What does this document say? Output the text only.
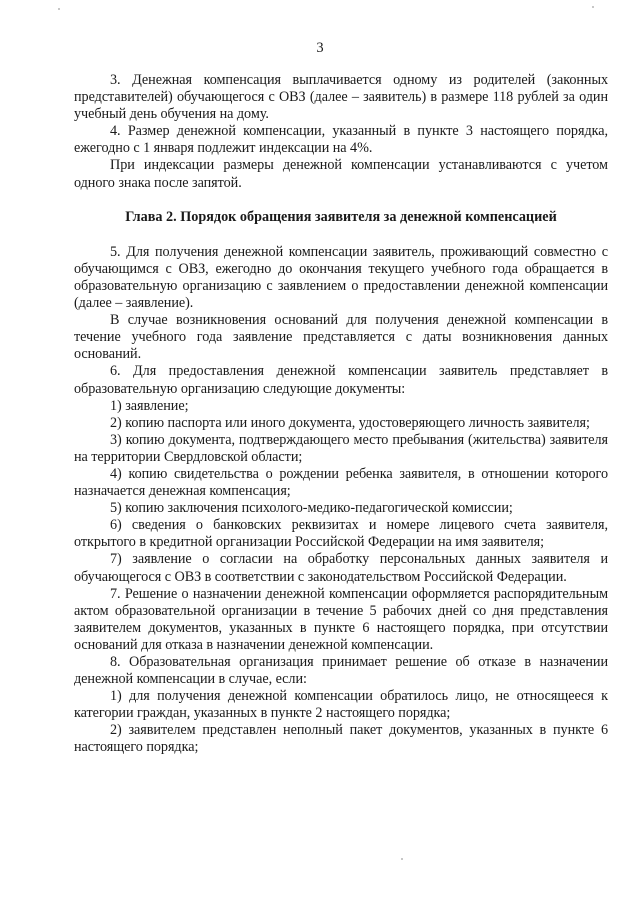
3

3. Денежная компенсация выплачивается одному из родителей (законных представителей) обучающегося с ОВЗ (далее – заявитель) в размере 118 рублей за один учебный день обучения на дому.

4. Размер денежной компенсации, указанный в пункте 3 настоящего порядка, ежегодно с 1 января подлежит индексации на 4%.

При индексации размеры денежной компенсации устанавливаются с учетом одного знака после запятой.

Глава 2. Порядок обращения заявителя за денежной компенсацией

5. Для получения денежной компенсации заявитель, проживающий совместно с обучающимся с ОВЗ, ежегодно до окончания текущего учебного года обращается в образовательную организацию с заявлением о предоставлении денежной компенсации (далее – заявление).

В случае возникновения оснований для получения денежной компенсации в течение учебного года заявление представляется с даты возникновения данных оснований.

6. Для предоставления денежной компенсации заявитель представляет в образовательную организацию следующие документы:

1) заявление;

2) копию паспорта или иного документа, удостоверяющего личность заявителя;

3) копию документа, подтверждающего место пребывания (жительства) заявителя на территории Свердловской области;

4) копию свидетельства о рождении ребенка заявителя, в отношении которого назначается денежная компенсация;

5) копию заключения психолого-медико-педагогической комиссии;

6) сведения о банковских реквизитах и номере лицевого счета заявителя, открытого в кредитной организации Российской Федерации на имя заявителя;

7) заявление о согласии на обработку персональных данных заявителя и обучающегося с ОВЗ в соответствии с законодательством Российской Федерации.

7. Решение о назначении денежной компенсации оформляется распорядительным актом образовательной организации в течение 5 рабочих дней со дня представления заявителем документов, указанных в пункте 6 настоящего порядка, при отсутствии оснований для отказа в назначении денежной компенсации.

8. Образовательная организация принимает решение об отказе в назначении денежной компенсации в случае, если:

1) для получения денежной компенсации обратилось лицо, не относящееся к категории граждан, указанных в пункте 2 настоящего порядка;

2) заявителем представлен неполный пакет документов, указанных в пункте 6 настоящего порядка;
